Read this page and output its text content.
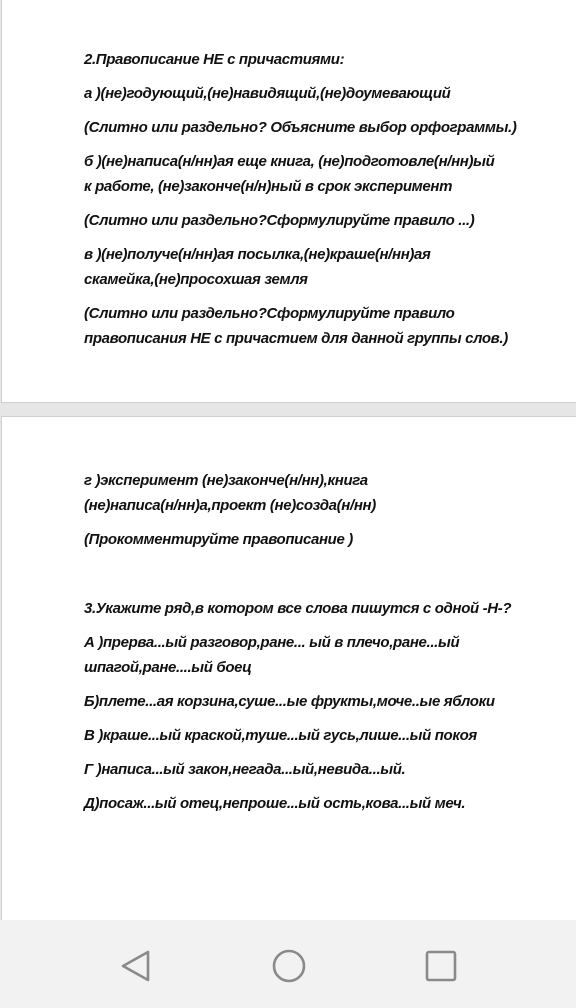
2.Правописание НЕ с причастиями:
а )(не)годующий,(не)навидящий,(не)доумевающий
(Слитно или раздельно? Объясните выбор орфограммы.)
б )(не)написа(н/нн)ая еще книга, (не)подготовле(н/нн)ый
к работе, (не)законче(н/н)ный в срок эксперимент
(Слитно или раздельно?Сформулируйте правило ...)
в )(не)получе(н/нн)ая посылка,(не)краше(н/нн)ая
скамейка,(не)просохшая земля
(Слитно или раздельно?Сформулируйте правило
правописания НЕ с причастием для данной группы слов.)
г )эксперимент (не)законче(н/нн),книга
(не)написа(н/нн)а,проект (не)созда(н/нн)
(Прокомментируйте правописание )
3.Укажите ряд,в котором все слова пишутся с одной -Н-?
А )прерва...ый разговор,ране... ый в плечо,ране...ый
шпагой,ране....ый боец
Б)плете...ая корзина,суше...ые фрукты,моче..ые яблоки
В )краше...ый краской,туше...ый гусь,лише...ый покоя
Г )написа...ый закон,негада...ый,невида...ый.
Д)посаж...ый отец,непроше...ый ость,кова...ый меч.
